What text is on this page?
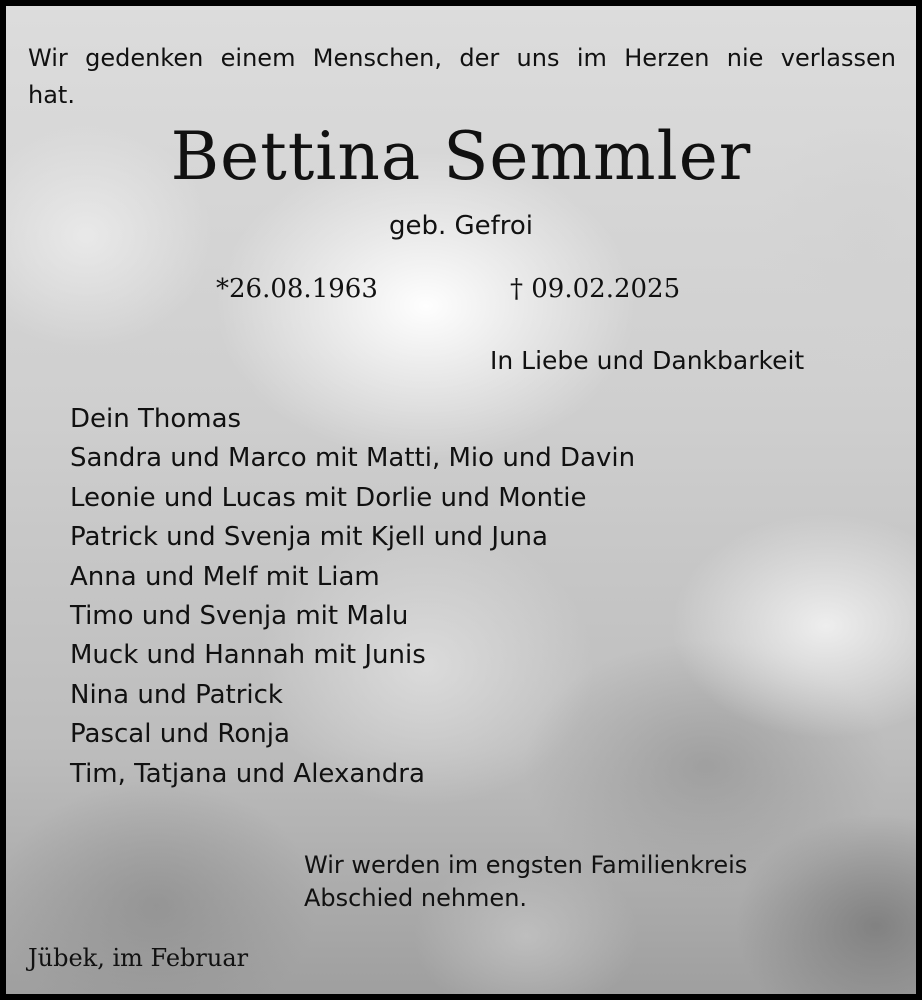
Wir gedenken einem Menschen, der uns im Herzen nie verlassen hat.
Bettina Semmler
geb. Gefroi
*26.08.1963	† 09.02.2025
In Liebe und Dankbarkeit
Dein Thomas
Sandra und Marco mit Matti, Mio und Davin
Leonie und Lucas mit Dorlie und Montie
Patrick und Svenja mit Kjell und Juna
Anna und Melf mit Liam
Timo und Svenja mit Malu
Muck und Hannah mit Junis
Nina und Patrick
Pascal und Ronja
Tim, Tatjana und Alexandra
Wir werden im engsten Familienkreis
Abschied nehmen.
Jübek, im Februar
